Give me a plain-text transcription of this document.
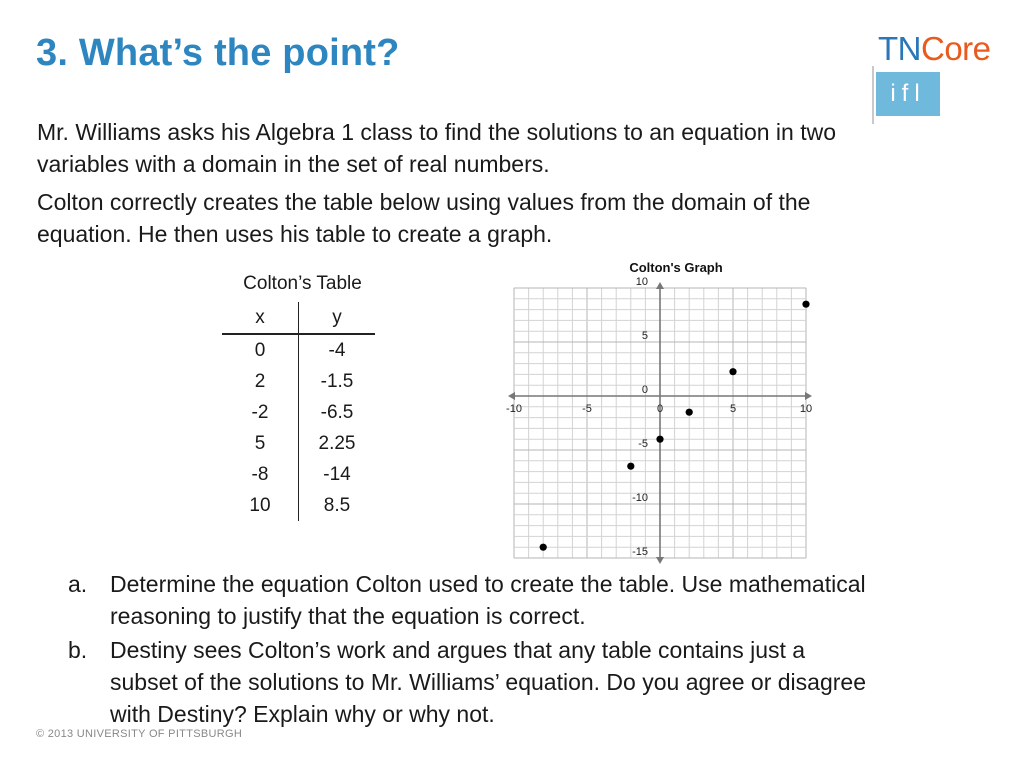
3. What’s the point?	TNCore
ifl

Mr. Williams asks his Algebra 1 class to find the solutions to an equation in two variables with a domain in the set of real numbers.

Colton correctly creates the table below using values from the domain of the equation. He then uses his table to create a graph.

Colton’s Table
x	y
0	-4
2	-1.5
-2	-6.5
5	2.25
-8	-14
10	8.5
Colton's Graph
-10	-5	0	5	10
10
5
0
-5
-10
-15
a. Determine the equation Colton used to create the table. Use mathematical reasoning to justify that the equation is correct.
b. Destiny sees Colton’s work and argues that any table contains just a subset of the solutions to Mr. Williams’ equation. Do you agree or disagree with Destiny? Explain why or why not.
© 2013 UNIVERSITY OF PITTSBURGH
